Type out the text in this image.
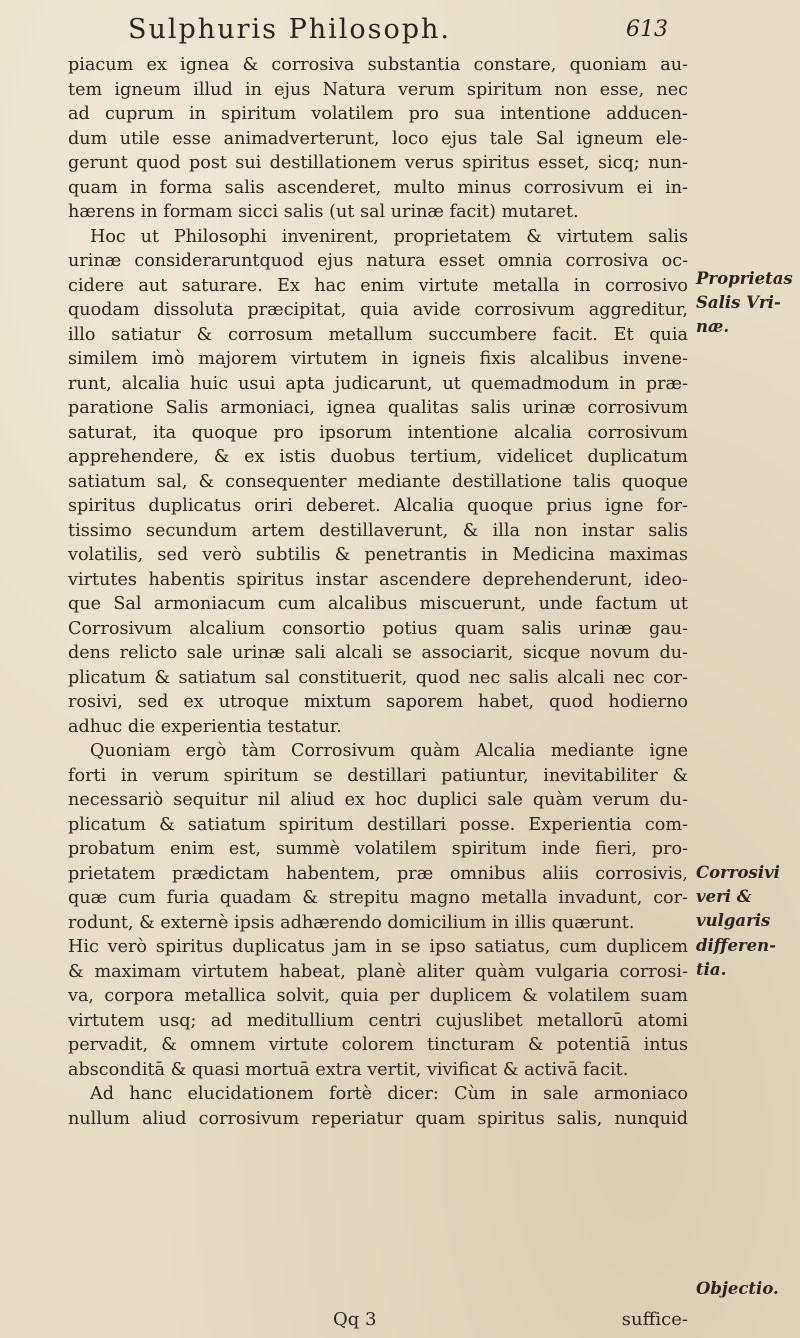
Sulphuris Philosoph.	613
piacum ex ignea & corrosiva substantia constare, quoniam au-
tem igneum illud in ejus Natura verum spiritum non esse, nec
ad cuprum in spiritum volatilem pro sua intentione adducen-
dum utile esse animadverterunt, loco ejus tale Sal igneum ele-
gerunt quod post sui destillationem verus spiritus esset, sicq; nun-
quam in forma salis ascenderet, multo minus corrosivum ei in-
hærens in formam sicci salis (ut sal urinæ facit) mutaret.
Hoc ut Philosophi invenirent, proprietatem & virtutem salis
urinæ consideraruntquod ejus natura esset omnia corrosiva oc-
cidere aut saturare. Ex hac enim virtute metalla in corrosivo
quodam dissoluta præcipitat, quia avide corrosivum aggreditur,
illo satiatur & corrosum metallum succumbere facit. Et quia
similem imò majorem virtutem in igneis fixis alcalibus invene-
runt, alcalia huic usui apta judicarunt, ut quemadmodum in præ-
paratione Salis armoniaci, ignea qualitas salis urinæ corrosivum
saturat, ita quoque pro ipsorum intentione alcalia corrosivum
apprehendere, & ex istis duobus tertium, videlicet duplicatum
satiatum sal, & consequenter mediante destillatione talis quoque
spiritus duplicatus oriri deberet. Alcalia quoque prius igne for-
tissimo secundum artem destillaverunt, & illa non instar salis
volatilis, sed verò subtilis & penetrantis in Medicina maximas
virtutes habentis spiritus instar ascendere deprehenderunt, ideo-
que Sal armoniacum cum alcalibus miscuerunt, unde factum ut
Corrosivum alcalium consortio potius quam salis urinæ gau-
dens relicto sale urinæ sali alcali se associarit, sicque novum du-
plicatum & satiatum sal constituerit, quod nec salis alcali nec cor-
rosivi, sed ex utroque mixtum saporem habet, quod hodierno
adhuc die experientia testatur.
Quoniam ergò tàm Corrosivum quàm Alcalia mediante igne
forti in verum spiritum se destillari patiuntur, inevitabiliter &
necessariò sequitur nil aliud ex hoc duplici sale quàm verum du-
plicatum & satiatum spiritum destillari posse. Experientia com-
probatum enim est, summè volatilem spiritum inde fieri, pro-
prietatem prædictam habentem, præ omnibus aliis corrosivis,
quæ cum furia quadam & strepitu magno metalla invadunt, cor-
rodunt, & externè ipsis adhærendo domicilium in illis quærunt.
Hic verò spiritus duplicatus jam in se ipso satiatus, cum duplicem
& maximam virtutem habeat, planè aliter quàm vulgaria corrosi-
va, corpora metallica solvit, quia per duplicem & volatilem suam
virtutem usq; ad meditullium centri cujuslibet metallorū atomi
pervadit, & omnem virtute colorem tincturam & potentiā intus
absconditā & quasi mortuā extra vertit, vivificat & activā facit.
Ad hanc elucidationem fortè dicer: Cùm in sale armoniaco
nullum aliud corrosivum reperiatur quam spiritus salis, nunquid
Proprietas
Salis Vri-
næ.
Corrosivi
veri &
vulgaris
differen-
tia.
Objectio.
Qq 3	suffice-
